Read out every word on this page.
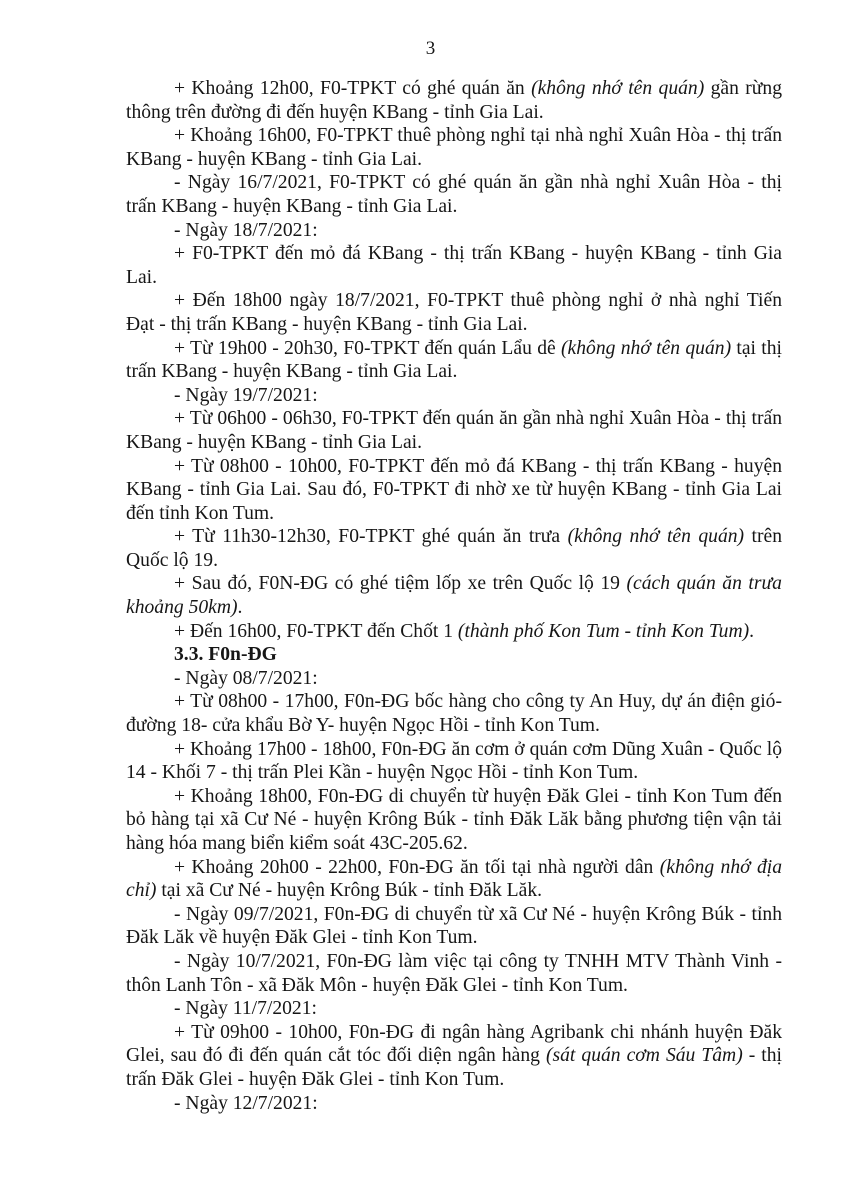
3

+ Khoảng 12h00, F0-TPKT có ghé quán ăn (không nhớ tên quán) gần rừng thông trên đường đi đến huyện KBang - tỉnh Gia Lai.

+ Khoảng 16h00, F0-TPKT thuê phòng nghỉ tại nhà nghỉ Xuân Hòa - thị trấn KBang - huyện KBang - tỉnh Gia Lai.

- Ngày 16/7/2021, F0-TPKT có ghé quán ăn gần nhà nghỉ Xuân Hòa - thị trấn KBang - huyện KBang - tỉnh Gia Lai.

- Ngày 18/7/2021:

+ F0-TPKT đến mỏ đá KBang - thị trấn KBang - huyện KBang - tỉnh Gia Lai.

+ Đến 18h00 ngày 18/7/2021, F0-TPKT thuê phòng nghỉ ở nhà nghỉ Tiến Đạt - thị trấn KBang - huyện KBang - tỉnh Gia Lai.

+ Từ 19h00 - 20h30, F0-TPKT đến quán Lẩu dê (không nhớ tên quán) tại thị trấn KBang - huyện KBang - tỉnh Gia Lai.

- Ngày 19/7/2021:

+ Từ 06h00 - 06h30, F0-TPKT đến quán ăn gần nhà nghỉ Xuân Hòa - thị trấn KBang - huyện KBang - tỉnh Gia Lai.

+ Từ 08h00 - 10h00, F0-TPKT đến mỏ đá KBang - thị trấn KBang - huyện KBang - tỉnh Gia Lai. Sau đó, F0-TPKT đi nhờ xe từ huyện KBang - tỉnh Gia Lai đến tỉnh Kon Tum.

+ Từ 11h30-12h30, F0-TPKT ghé quán ăn trưa (không nhớ tên quán) trên Quốc lộ 19.

+ Sau đó, F0N-ĐG có ghé tiệm lốp xe trên Quốc lộ 19 (cách quán ăn trưa khoảng 50km).

+ Đến 16h00, F0-TPKT đến Chốt 1 (thành phố Kon Tum - tỉnh Kon Tum).

3.3. F0n-ĐG

- Ngày 08/7/2021:

+ Từ 08h00 - 17h00, F0n-ĐG bốc hàng cho công ty An Huy, dự án điện gió- đường 18- cửa khẩu Bờ Y- huyện Ngọc Hồi - tỉnh Kon Tum.

+ Khoảng 17h00 - 18h00, F0n-ĐG ăn cơm ở quán cơm Dũng Xuân - Quốc lộ 14 - Khối 7 - thị trấn Plei Kần - huyện Ngọc Hồi - tỉnh Kon Tum.

+ Khoảng 18h00, F0n-ĐG di chuyển từ huyện Đăk Glei - tỉnh Kon Tum đến bỏ hàng tại xã Cư Né - huyện Krông Búk - tỉnh Đăk Lăk bằng phương tiện vận tải hàng hóa mang biển kiểm soát 43C-205.62.

+ Khoảng 20h00 - 22h00, F0n-ĐG ăn tối tại nhà người dân (không nhớ địa chỉ) tại xã Cư Né - huyện Krông Búk - tỉnh Đăk Lăk.

- Ngày 09/7/2021, F0n-ĐG di chuyển từ xã Cư Né - huyện Krông Búk - tỉnh Đăk Lăk về huyện Đăk Glei - tỉnh Kon Tum.

- Ngày 10/7/2021, F0n-ĐG làm việc tại công ty TNHH MTV Thành Vinh - thôn Lanh Tôn - xã Đăk Môn - huyện Đăk Glei - tỉnh Kon Tum.

- Ngày 11/7/2021:

+ Từ 09h00 - 10h00, F0n-ĐG đi ngân hàng Agribank chi nhánh huyện Đăk Glei, sau đó đi đến quán cắt tóc đối diện ngân hàng (sát quán cơm Sáu Tâm) - thị trấn Đăk Glei - huyện Đăk Glei - tỉnh Kon Tum.

- Ngày 12/7/2021:
